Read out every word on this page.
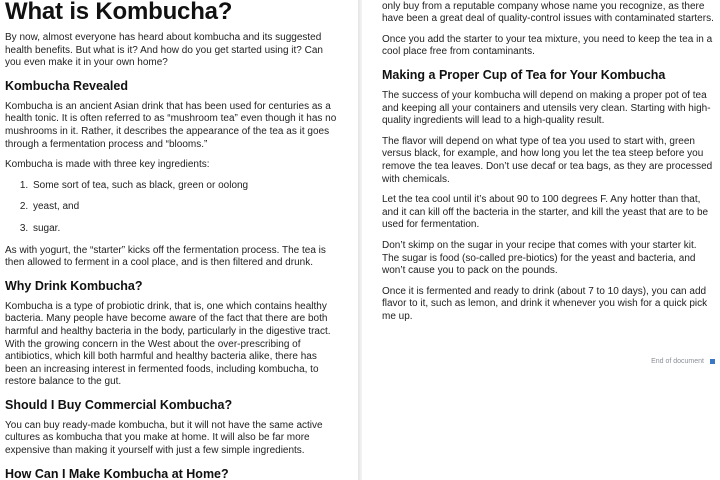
What is Kombucha?

By now, almost everyone has heard about kombucha and its suggested health benefits. But what is it? And how do you get started using it? Can you even make it in your own home?

Kombucha Revealed

Kombucha is an ancient Asian drink that has been used for centuries as a health tonic. It is often referred to as “mushroom tea” even though it has no mushrooms in it. Rather, it describes the appearance of the tea as it goes through a fermentation process and “blooms.”

Kombucha is made with three key ingredients:

1. Some sort of tea, such as black, green or oolong
2. yeast, and
3. sugar.

As with yogurt, the “starter” kicks off the fermentation process. The tea is then allowed to ferment in a cool place, and is then filtered and drunk.

Why Drink Kombucha?

Kombucha is a type of probiotic drink, that is, one which contains healthy bacteria. Many people have become aware of the fact that there are both harmful and healthy bacteria in the body, particularly in the digestive tract. With the growing concern in the West about the over-prescribing of antibiotics, which kill both harmful and healthy bacteria alike, there has been an increasing interest in fermented foods, including kombucha, to restore balance to the gut.

Should I Buy Commercial Kombucha?

You can buy ready-made kombucha, but it will not have the same active cultures as kombucha that you make at home. It will also be far more expensive than making it yourself with just a few simple ingredients.

How Can I Make Kombucha at Home?

only buy from a reputable company whose name you recognize, as there have been a great deal of quality-control issues with contaminated starters.

Once you add the starter to your tea mixture, you need to keep the tea in a cool place free from contaminants.

Making a Proper Cup of Tea for Your Kombucha

The success of your kombucha will depend on making a proper pot of tea and keeping all your containers and utensils very clean. Starting with high-quality ingredients will lead to a high-quality result.

The flavor will depend on what type of tea you used to start with, green versus black, for example, and how long you let the tea steep before you remove the tea leaves. Don’t use decaf or tea bags, as they are processed with chemicals.

Let the tea cool until it’s about 90 to 100 degrees F. Any hotter than that, and it can kill off the bacteria in the starter, and kill the yeast that are to be used for fermentation.

Don’t skimp on the sugar in your recipe that comes with your starter kit. The sugar is food (so-called pre-biotics) for the yeast and bacteria, and won’t cause you to pack on the pounds.

Once it is fermented and ready to drink (about 7 to 10 days), you can add flavor to it, such as lemon, and drink it whenever you wish for a quick pick me up.

End of document
